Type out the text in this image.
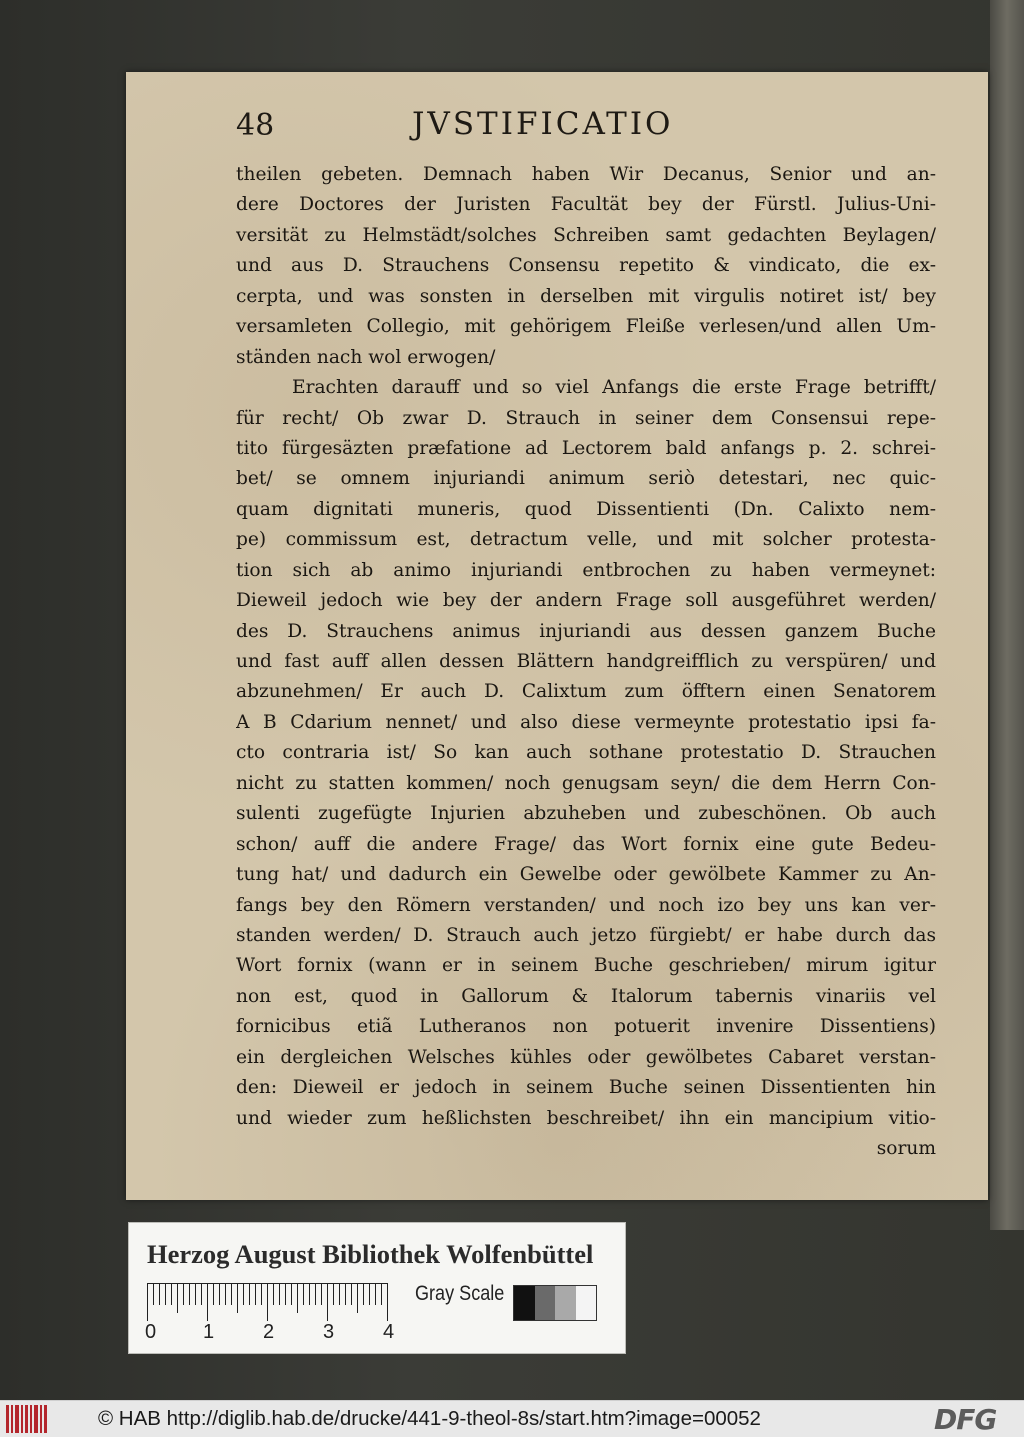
48	JVSTIFICATIO
theilen gebeten. Demnach haben Wir Decanus, Senior und an-
dere Doctores der Juristen Facultät bey der Fürstl. Julius-Uni-
versität zu Helmstädt/solches Schreiben samt gedachten Beylagen/
und aus D. Strauchens Consensu repetito & vindicato, die ex-
cerpta, und was sonsten in derselben mit virgulis notiret ist/ bey
versamleten Collegio, mit gehörigem Fleiße verlesen/und allen Um-
ständen nach wol erwogen/
Erachten darauff und so viel Anfangs die erste Frage betrifft/
für recht/ Ob zwar D. Strauch in seiner dem Consensui repe-
tito fürgesäzten præfatione ad Lectorem bald anfangs p. 2. schrei-
bet/ se omnem injuriandi animum seriò detestari, nec quic-
quam dignitati muneris, quod Dissentienti (Dn. Calixto nem-
pe) commissum est, detractum velle, und mit solcher protesta-
tion sich ab animo injuriandi entbrochen zu haben vermeynet:
Dieweil jedoch wie bey der andern Frage soll ausgeführet werden/
des D. Strauchens animus injuriandi aus dessen ganzem Buche
und fast auff allen dessen Blättern handgreifflich zu verspüren/ und
abzunehmen/ Er auch D. Calixtum zum öfftern einen Senatorem
A B Cdarium nennet/ und also diese vermeynte protestatio ipsi fa-
cto contraria ist/ So kan auch sothane protestatio D. Strauchen
nicht zu statten kommen/ noch genugsam seyn/ die dem Herrn Con-
sulenti zugefügte Injurien abzuheben und zubeschönen. Ob auch
schon/ auff die andere Frage/ das Wort fornix eine gute Bedeu-
tung hat/ und dadurch ein Gewelbe oder gewölbete Kammer zu An-
fangs bey den Römern verstanden/ und noch izo bey uns kan ver-
standen werden/ D. Strauch auch jetzo fürgiebt/ er habe durch das
Wort fornix (wann er in seinem Buche geschrieben/ mirum igitur
non est, quod in Gallorum & Italorum tabernis vinariis vel
fornicibus etiã Lutheranos non potuerit invenire Dissentiens)
ein dergleichen Welsches kühles oder gewölbetes Cabaret verstan-
den: Dieweil er jedoch in seinem Buche seinen Dissentienten hin
und wieder zum heßlichsten beschreibet/ ihn ein mancipium vitio-
sorum
Herzog August Bibliothek Wolfenbüttel
0 1 2 3 4
Gray Scale
© HAB http://diglib.hab.de/drucke/441-9-theol-8s/start.htm?image=00052	DFG
